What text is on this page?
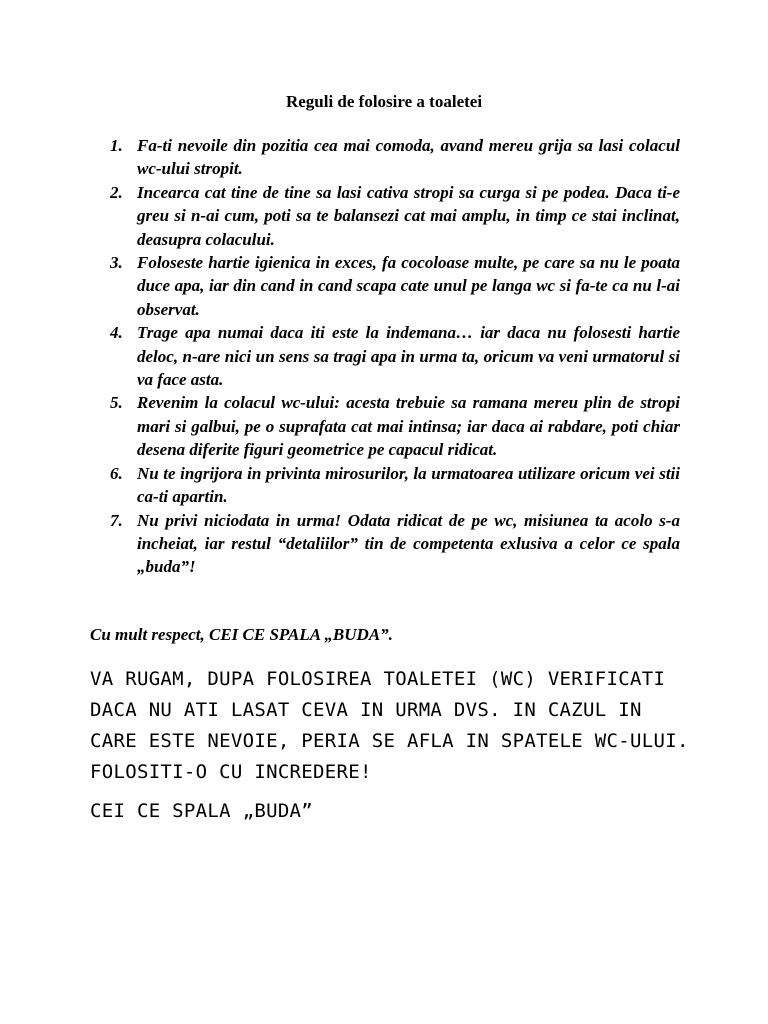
Reguli de folosire a toaletei

1. Fa-ti nevoile din pozitia cea mai comoda, avand mereu grija sa lasi colacul wc-ului stropit.
2. Incearca cat tine de tine sa lasi cativa stropi sa curga si pe podea. Daca ti-e greu si n-ai cum, poti sa te balansezi cat mai amplu, in timp ce stai inclinat, deasupra colacului.
3. Foloseste hartie igienica in exces, fa cocoloase multe, pe care sa nu le poata duce apa, iar din cand in cand scapa cate unul pe langa wc si fa-te ca nu l-ai observat.
4. Trage apa numai daca iti este la indemana… iar daca nu folosesti hartie deloc, n-are nici un sens sa tragi apa in urma ta, oricum va veni urmatorul si va face asta.
5. Revenim la colacul wc-ului: acesta trebuie sa ramana mereu plin de stropi mari si galbui, pe o suprafata cat mai intinsa; iar daca ai rabdare, poti chiar desena diferite figuri geometrice pe capacul ridicat.
6. Nu te ingrijora in privinta mirosurilor, la urmatoarea utilizare oricum vei stii ca-ti apartin.
7. Nu privi niciodata in urma! Odata ridicat de pe wc, misiunea ta acolo s-a incheiat, iar restul “detaliilor” tin de competenta exlusiva a celor ce spala „buda”!

Cu mult respect, CEI CE SPALA „BUDA”.

VA RUGAM, DUPA FOLOSIREA TOALETEI (WC) VERIFICATI DACA NU ATI LASAT CEVA IN URMA DVS. IN CAZUL IN CARE ESTE NEVOIE, PERIA SE AFLA IN SPATELE WC-ULUI. FOLOSITI-O CU INCREDERE!

CEI CE SPALA „BUDA”
